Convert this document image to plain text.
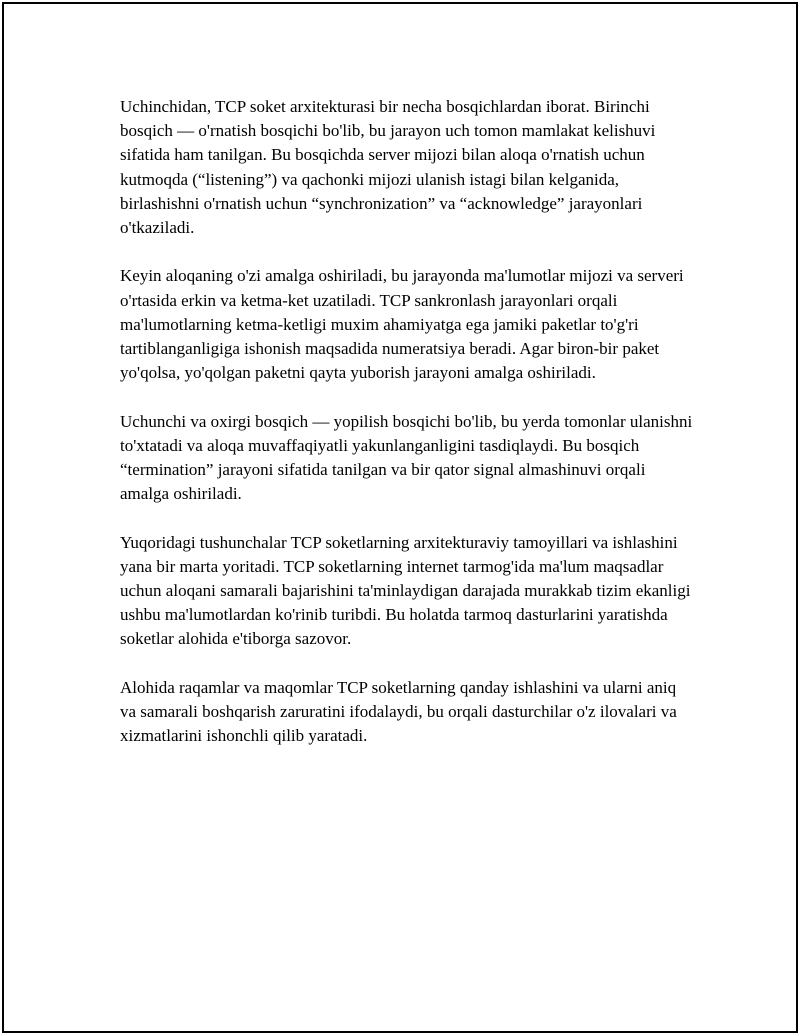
Uchinchidan, TCP soket arxitekturasi bir necha bosqichlardan iborat. Birinchi bosqich — o'rnatish bosqichi bo'lib, bu jarayon uch tomon mamlakat kelishuvi sifatida ham tanilgan. Bu bosqichda server mijozi bilan aloqa o'rnatish uchun kutmoqda (“listening”) va qachonki mijozi ulanish istagi bilan kelganida, birlashishni o'rnatish uchun “synchronization” va “acknowledge” jarayonlari o'tkaziladi.

Keyin aloqaning o'zi amalga oshiriladi, bu jarayonda ma'lumotlar mijozi va serveri o'rtasida erkin va ketma-ket uzatiladi. TCP sankronlash jarayonlari orqali ma'lumotlarning ketma-ketligi muxim ahamiyatga ega jamiki paketlar to'g'ri tartiblanganligiga ishonish maqsadida numeratsiya beradi. Agar biron-bir paket yo'qolsa, yo'qolgan paketni qayta yuborish jarayoni amalga oshiriladi.

Uchunchi va oxirgi bosqich — yopilish bosqichi bo'lib, bu yerda tomonlar ulanishni to'xtatadi va aloqa muvaffaqiyatli yakunlanganligini tasdiqlaydi. Bu bosqich “termination” jarayoni sifatida tanilgan va bir qator signal almashinuvi orqali amalga oshiriladi.

Yuqoridagi tushunchalar TCP soketlarning arxitekturaviy tamoyillari va ishlashini yana bir marta yoritadi. TCP soketlarning internet tarmog'ida ma'lum maqsadlar uchun aloqani samarali bajarishini ta'minlaydigan darajada murakkab tizim ekanligi ushbu ma'lumotlardan ko'rinib turibdi. Bu holatda tarmoq dasturlarini yaratishda soketlar alohida e'tiborga sazovor.

Alohida raqamlar va maqomlar TCP soketlarning qanday ishlashini va ularni aniq va samarali boshqarish zaruratini ifodalaydi, bu orqali dasturchilar o'z ilovalari va xizmatlarini ishonchli qilib yaratadi.
